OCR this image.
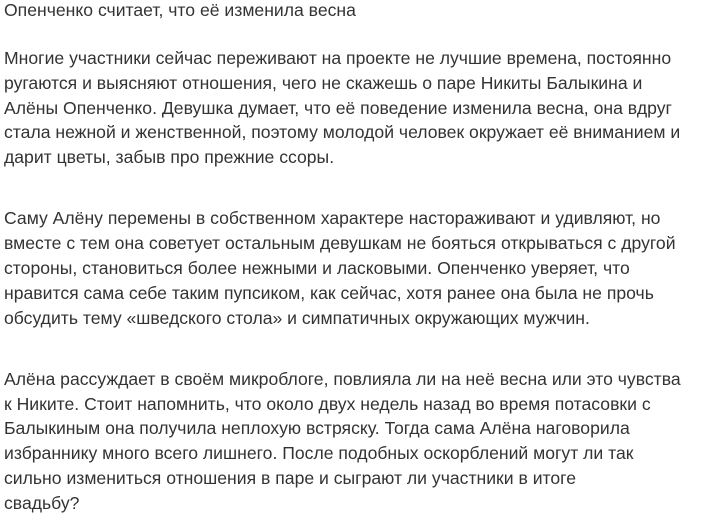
Опенченко считает, что её изменила весна
Многие участники сейчас переживают на проекте не лучшие времена, постоянно
ругаются и выясняют отношения, чего не скажешь о паре Никиты Балыкина и
Алёны Опенченко. Девушка думает, что её поведение изменила весна, она вдруг
стала нежной и женственной, поэтому молодой человек окружает её вниманием и
дарит цветы, забыв про прежние ссоры.
Саму Алёну перемены в собственном характере настораживают и удивляют, но
вместе с тем она советует остальным девушкам не бояться открываться с другой
стороны, становиться более нежными и ласковыми. Опенченко уверяет, что
нравится сама себе таким пупсиком, как сейчас, хотя ранее она была не прочь
обсудить тему «шведского стола» и симпатичных окружающих мужчин.
Алёна рассуждает в своём микроблоге, повлияла ли на неё весна или это чувства
к Никите. Стоит напомнить, что около двух недель назад во время потасовки с
Балыкиным она получила неплохую встряску. Тогда сама Алёна наговорила
избраннику много всего лишнего. После подобных оскорблений могут ли так
сильно измениться отношения в паре и сыграют ли участники в итоге
свадьбу?
